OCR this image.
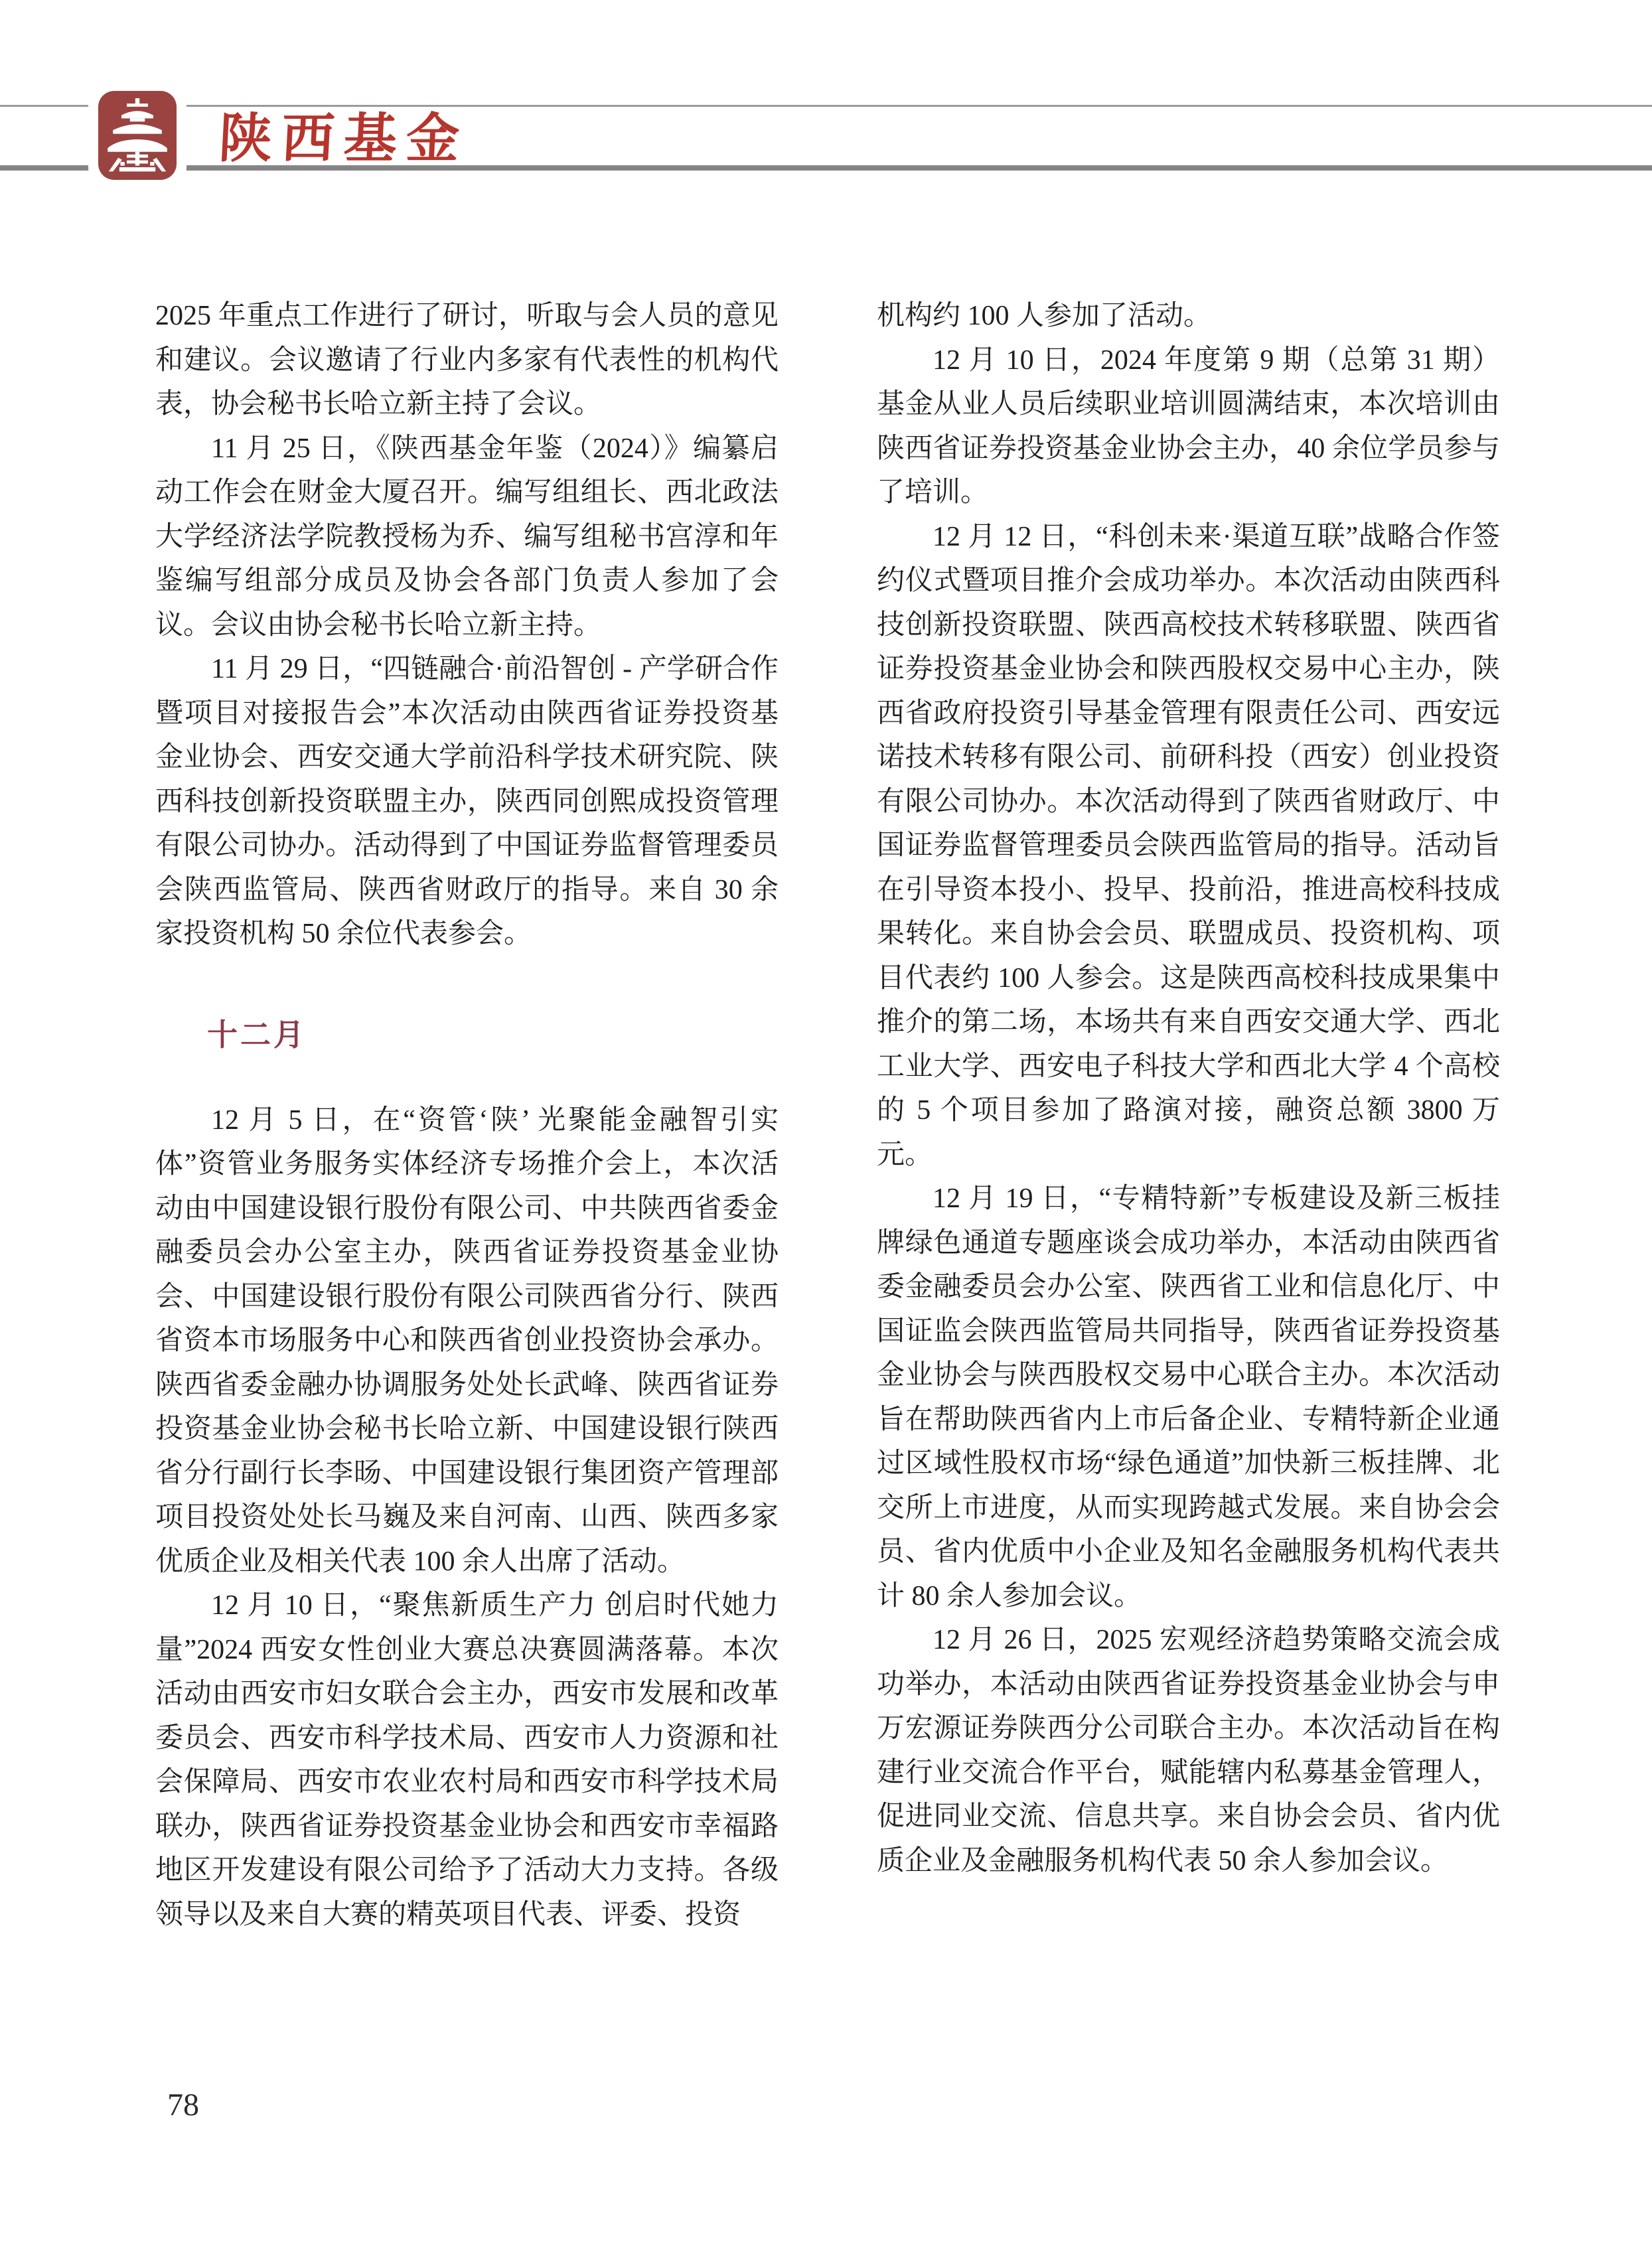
陕西基金

2025 年重点工作进行了研讨，听取与会人员的意见和建议。会议邀请了行业内多家有代表性的机构代表，协会秘书长哈立新主持了会议。

11 月 25 日，《陕西基金年鉴（2024）》编纂启动工作会在财金大厦召开。编写组组长、西北政法大学经济法学院教授杨为乔、编写组秘书宫淳和年鉴编写组部分成员及协会各部门负责人参加了会议。会议由协会秘书长哈立新主持。

11 月 29 日，“四链融合·前沿智创 - 产学研合作暨项目对接报告会”本次活动由陕西省证券投资基金业协会、西安交通大学前沿科学技术研究院、陕西科技创新投资联盟主办，陕西同创熙成投资管理有限公司协办。活动得到了中国证券监督管理委员会陕西监管局、陕西省财政厅的指导。来自 30 余家投资机构 50 余位代表参会。

十二月

12 月 5 日，在“资管‘陕’ 光聚能金融智引实体”资管业务服务实体经济专场推介会上，本次活动由中国建设银行股份有限公司、中共陕西省委金融委员会办公室主办，陕西省证券投资基金业协会、中国建设银行股份有限公司陕西省分行、陕西省资本市场服务中心和陕西省创业投资协会承办。陕西省委金融办协调服务处处长武峰、陕西省证券投资基金业协会秘书长哈立新、中国建设银行陕西省分行副行长李旸、中国建设银行集团资产管理部项目投资处处长马巍及来自河南、山西、陕西多家优质企业及相关代表 100 余人出席了活动。

12 月 10 日，“聚焦新质生产力 创启时代她力量”2024 西安女性创业大赛总决赛圆满落幕。本次活动由西安市妇女联合会主办，西安市发展和改革委员会、西安市科学技术局、西安市人力资源和社会保障局、西安市农业农村局和西安市科学技术局联办，陕西省证券投资基金业协会和西安市幸福路地区开发建设有限公司给予了活动大力支持。各级领导以及来自大赛的精英项目代表、评委、投资

机构约 100 人参加了活动。

12 月 10 日，2024 年度第 9 期（总第 31 期）基金从业人员后续职业培训圆满结束，本次培训由陕西省证券投资基金业协会主办，40 余位学员参与了培训。

12 月 12 日，“科创未来·渠道互联”战略合作签约仪式暨项目推介会成功举办。本次活动由陕西科技创新投资联盟、陕西高校技术转移联盟、陕西省证券投资基金业协会和陕西股权交易中心主办，陕西省政府投资引导基金管理有限责任公司、西安远诺技术转移有限公司、前研科投（西安）创业投资有限公司协办。本次活动得到了陕西省财政厅、中国证券监督管理委员会陕西监管局的指导。活动旨在引导资本投小、投早、投前沿，推进高校科技成果转化。来自协会会员、联盟成员、投资机构、项目代表约 100 人参会。这是陕西高校科技成果集中推介的第二场，本场共有来自西安交通大学、西北工业大学、西安电子科技大学和西北大学 4 个高校的 5 个项目参加了路演对接，融资总额 3800 万元。

12 月 19 日，“专精特新”专板建设及新三板挂牌绿色通道专题座谈会成功举办，本活动由陕西省委金融委员会办公室、陕西省工业和信息化厅、中国证监会陕西监管局共同指导，陕西省证券投资基金业协会与陕西股权交易中心联合主办。本次活动旨在帮助陕西省内上市后备企业、专精特新企业通过区域性股权市场“绿色通道”加快新三板挂牌、北交所上市进度，从而实现跨越式发展。来自协会会员、省内优质中小企业及知名金融服务机构代表共计 80 余人参加会议。

12 月 26 日，2025 宏观经济趋势策略交流会成功举办，本活动由陕西省证券投资基金业协会与申万宏源证券陕西分公司联合主办。本次活动旨在构建行业交流合作平台，赋能辖内私募基金管理人，促进同业交流、信息共享。来自协会会员、省内优质企业及金融服务机构代表 50 余人参加会议。

78
